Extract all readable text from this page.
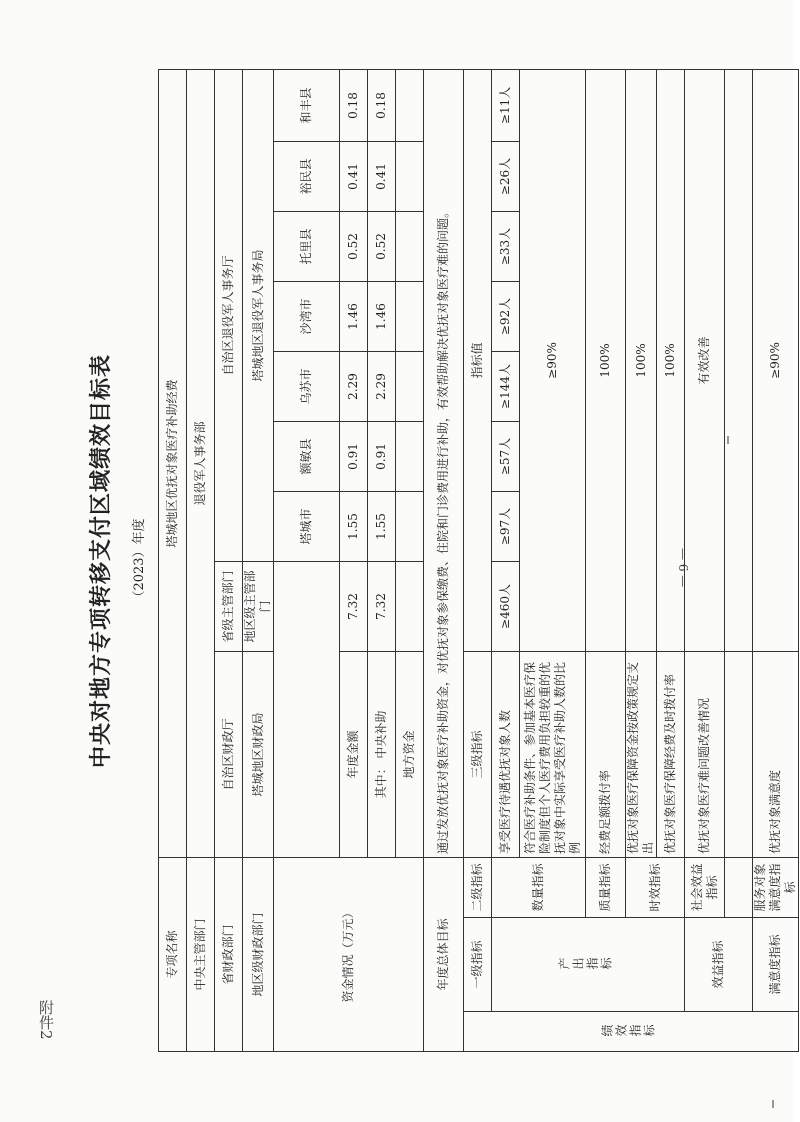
附件2
— 6 —
中央对地方专项转移支付区域绩效目标表	（2023）年度
专项名称			塔城地区优抚对象医疗补助经费								
中央主管部门			退役军人事务部								
省财政部门			自治区财政厅	省级主管部门	自治区退役军人事务厅						
地区级财政部门			塔城地区财政局	地区级主管部门	塔城地区退役军人事务局						
资金情况（万元）					塔城市	额敏县	乌苏市	沙湾市	托里县	裕民县	和丰县
			年度金额	7.32	1.55	0.91	2.29	1.46	0.52	0.41	0.18
			其中： 中央补助	7.32	1.55	0.91	2.29	1.46	0.52	0.41	0.18
			地方资金								
年度总体目标			通过发放优抚对象医疗补助资金，对优抚对象参保缴费、住院和门诊费用进行补助，有效帮助解决优抚对象医疗难的问题。								
绩效指标	一级指标	二级指标	三级指标	指标值							
	产出指标	数量指标	享受医疗待遇优抚对象人数	≥460人	≥97人	≥57人	≥144人	≥92人	≥33人	≥26人	≥11人
			符合医疗补助条件、参加基本医疗保险制度但个人医疗费用负担较重的优抚对象中实际享受医疗补助人数的比例	≥90%							
		质量指标	经费足额拨付率	100%							
		时效指标	优抚对象医疗保障资金按政策规定支出	100%							
			优抚对象医疗保障经费及时拨付率	100%							
	效益指标	社会效益指标	优抚对象医疗难问题改善情况	有效改善							

	满意度指标	服务对象满意度指标	优抚对象满意度	≥90%							
